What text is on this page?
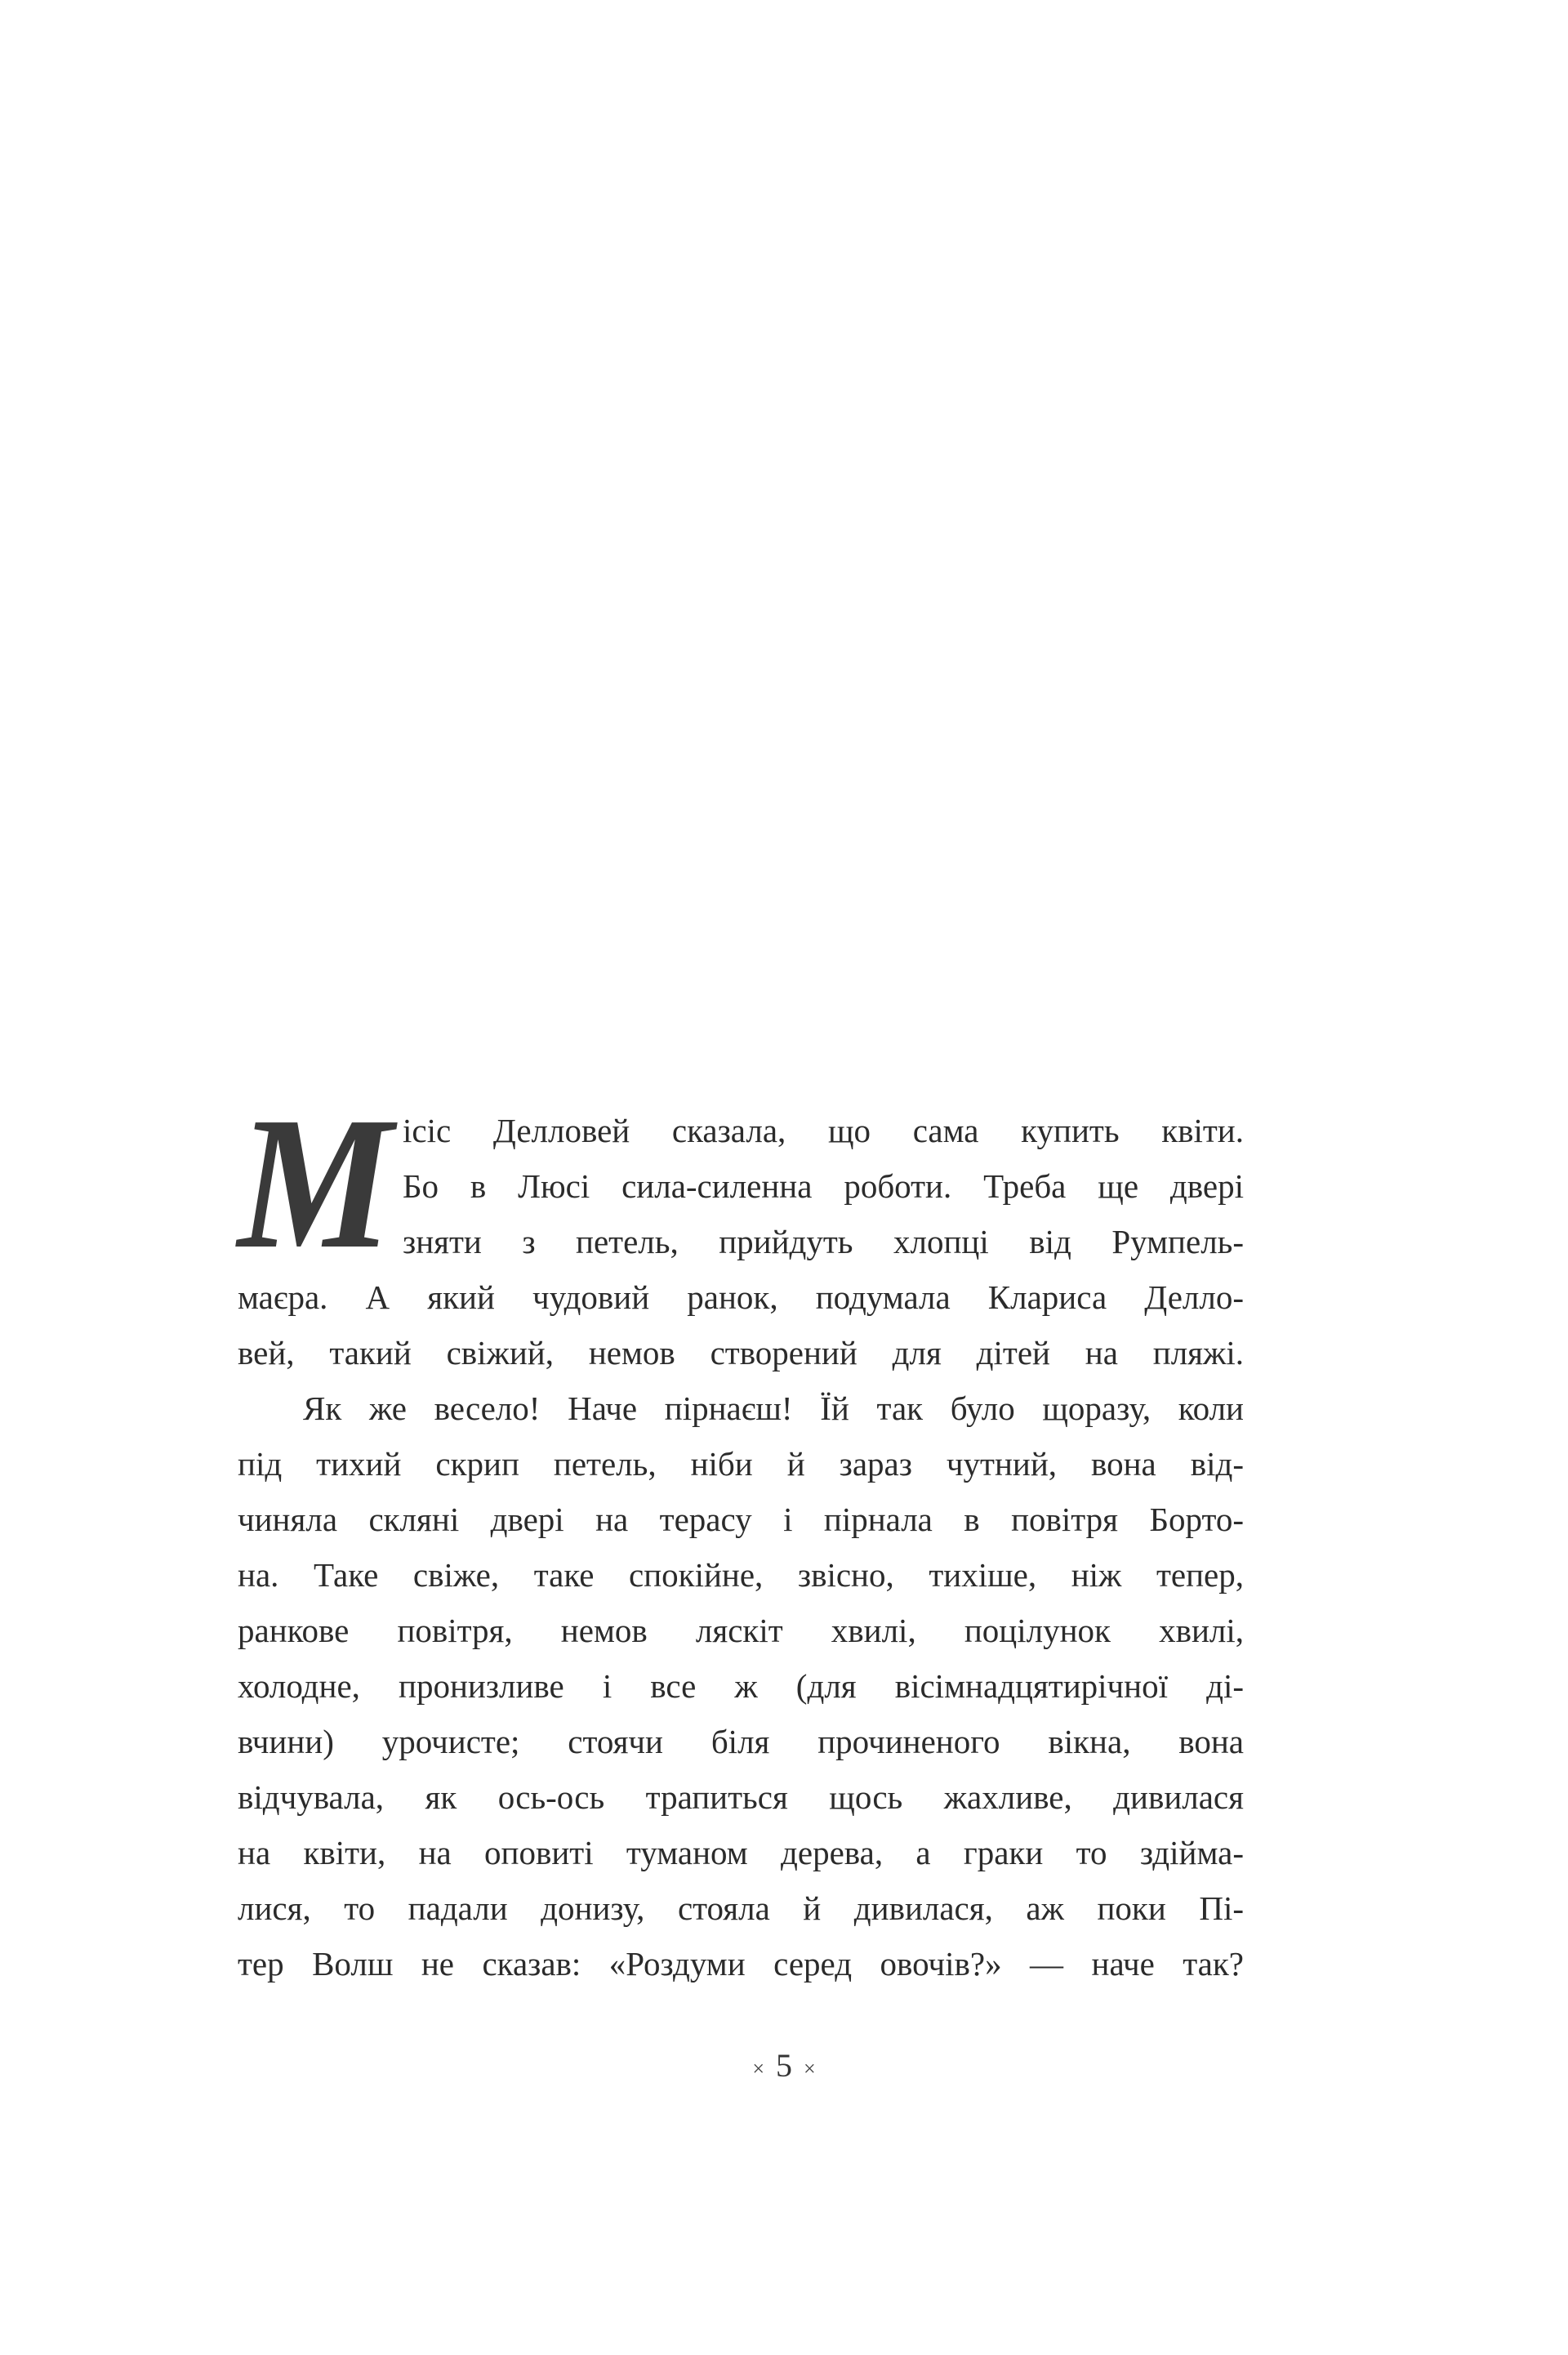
М ісіс Делловей сказала, що сама купить квіти.
Бо в Люсі сила-силенна роботи. Треба ще двері
зняти з петель, прийдуть хлопці від Румпель-
маєра. А який чудовий ранок, подумала Клариса Делло-
вей, такий свіжий, немов створений для дітей на пляжі.
Як же весело! Наче пірнаєш! Їй так було щоразу, коли
під тихий скрип петель, ніби й зараз чутний, вона від-
чиняла скляні двері на терасу і пірнала в повітря Борто-
на. Таке свіже, таке спокійне, звісно, тихіше, ніж тепер,
ранкове повітря, немов ляскіт хвилі, поцілунок хвилі,
холодне, пронизливе і все ж (для вісімнадцятирічної ді-
вчини) урочисте; стоячи біля прочиненого вікна, вона
відчувала, як ось-ось трапиться щось жахливе, дивилася
на квіти, на оповиті туманом дерева, а граки то здійма-
лися, то падали донизу, стояла й дивилася, аж поки Пі-
тер Волш не сказав: «Роздуми серед овочів?» — наче так?
× 5 ×
